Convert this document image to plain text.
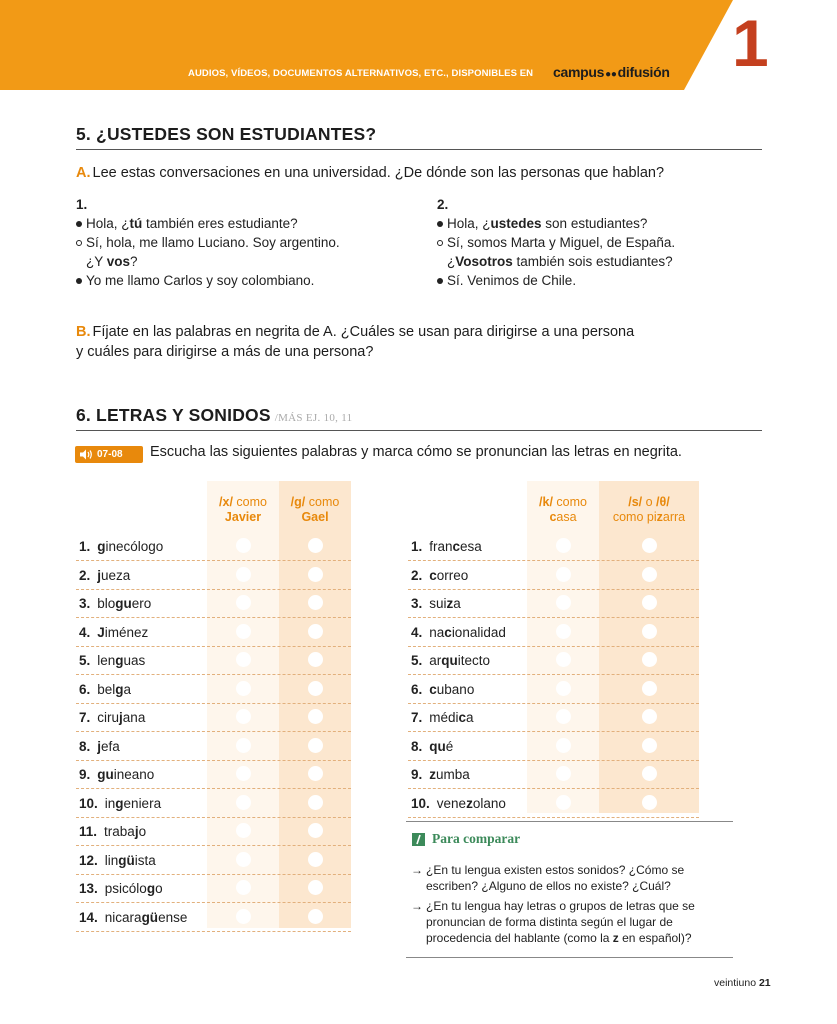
AUDIOS, VÍDEOS, DOCUMENTOS ALTERNATIVOS, ETC., DISPONIBLES EN campus●●difusión 1
5. ¿USTEDES SON ESTUDIANTES?
A. Lee estas conversaciones en una universidad. ¿De dónde son las personas que hablan?
1.
Hola, ¿tú también eres estudiante?
Sí, hola, me llamo Luciano. Soy argentino.
¿Y vos?
Yo me llamo Carlos y soy colombiano.
2.
Hola, ¿ustedes son estudiantes?
Sí, somos Marta y Miguel, de España.
¿Vosotros también sois estudiantes?
Sí. Venimos de Chile.
B. Fíjate en las palabras en negrita de A. ¿Cuáles se usan para dirigirse a una persona
y cuáles para dirigirse a más de una persona?
6. LETRAS Y SONIDOS /MÁS EJ. 10, 11
07-08 Escucha las siguientes palabras y marca cómo se pronuncian las letras en negrita.
/x/ como
Javier
/g/ como
Gael
1. ginecólogo
2. jueza
3. bloguero
4. Jiménez
5. lenguas
6. belga
7. cirujana
8. jefa
9. guineano
10. ingeniera
11. trabajo
12. lingüista
13. psicólogo
14. nicaragüense
/k/ como
casa
/s/ o /θ/
como pizarra
1. francesa
2. correo
3. suiza
4. nacionalidad
5. arquitecto
6. cubano
7. médica
8. qué
9. zumba
10. venezolano
Para comparar
→ ¿En tu lengua existen estos sonidos? ¿Cómo se escriben? ¿Alguno de ellos no existe? ¿Cuál?
→ ¿En tu lengua hay letras o grupos de letras que se pronuncian de forma distinta según el lugar de procedencia del hablante (como la z en español)?
veintiuno 21
